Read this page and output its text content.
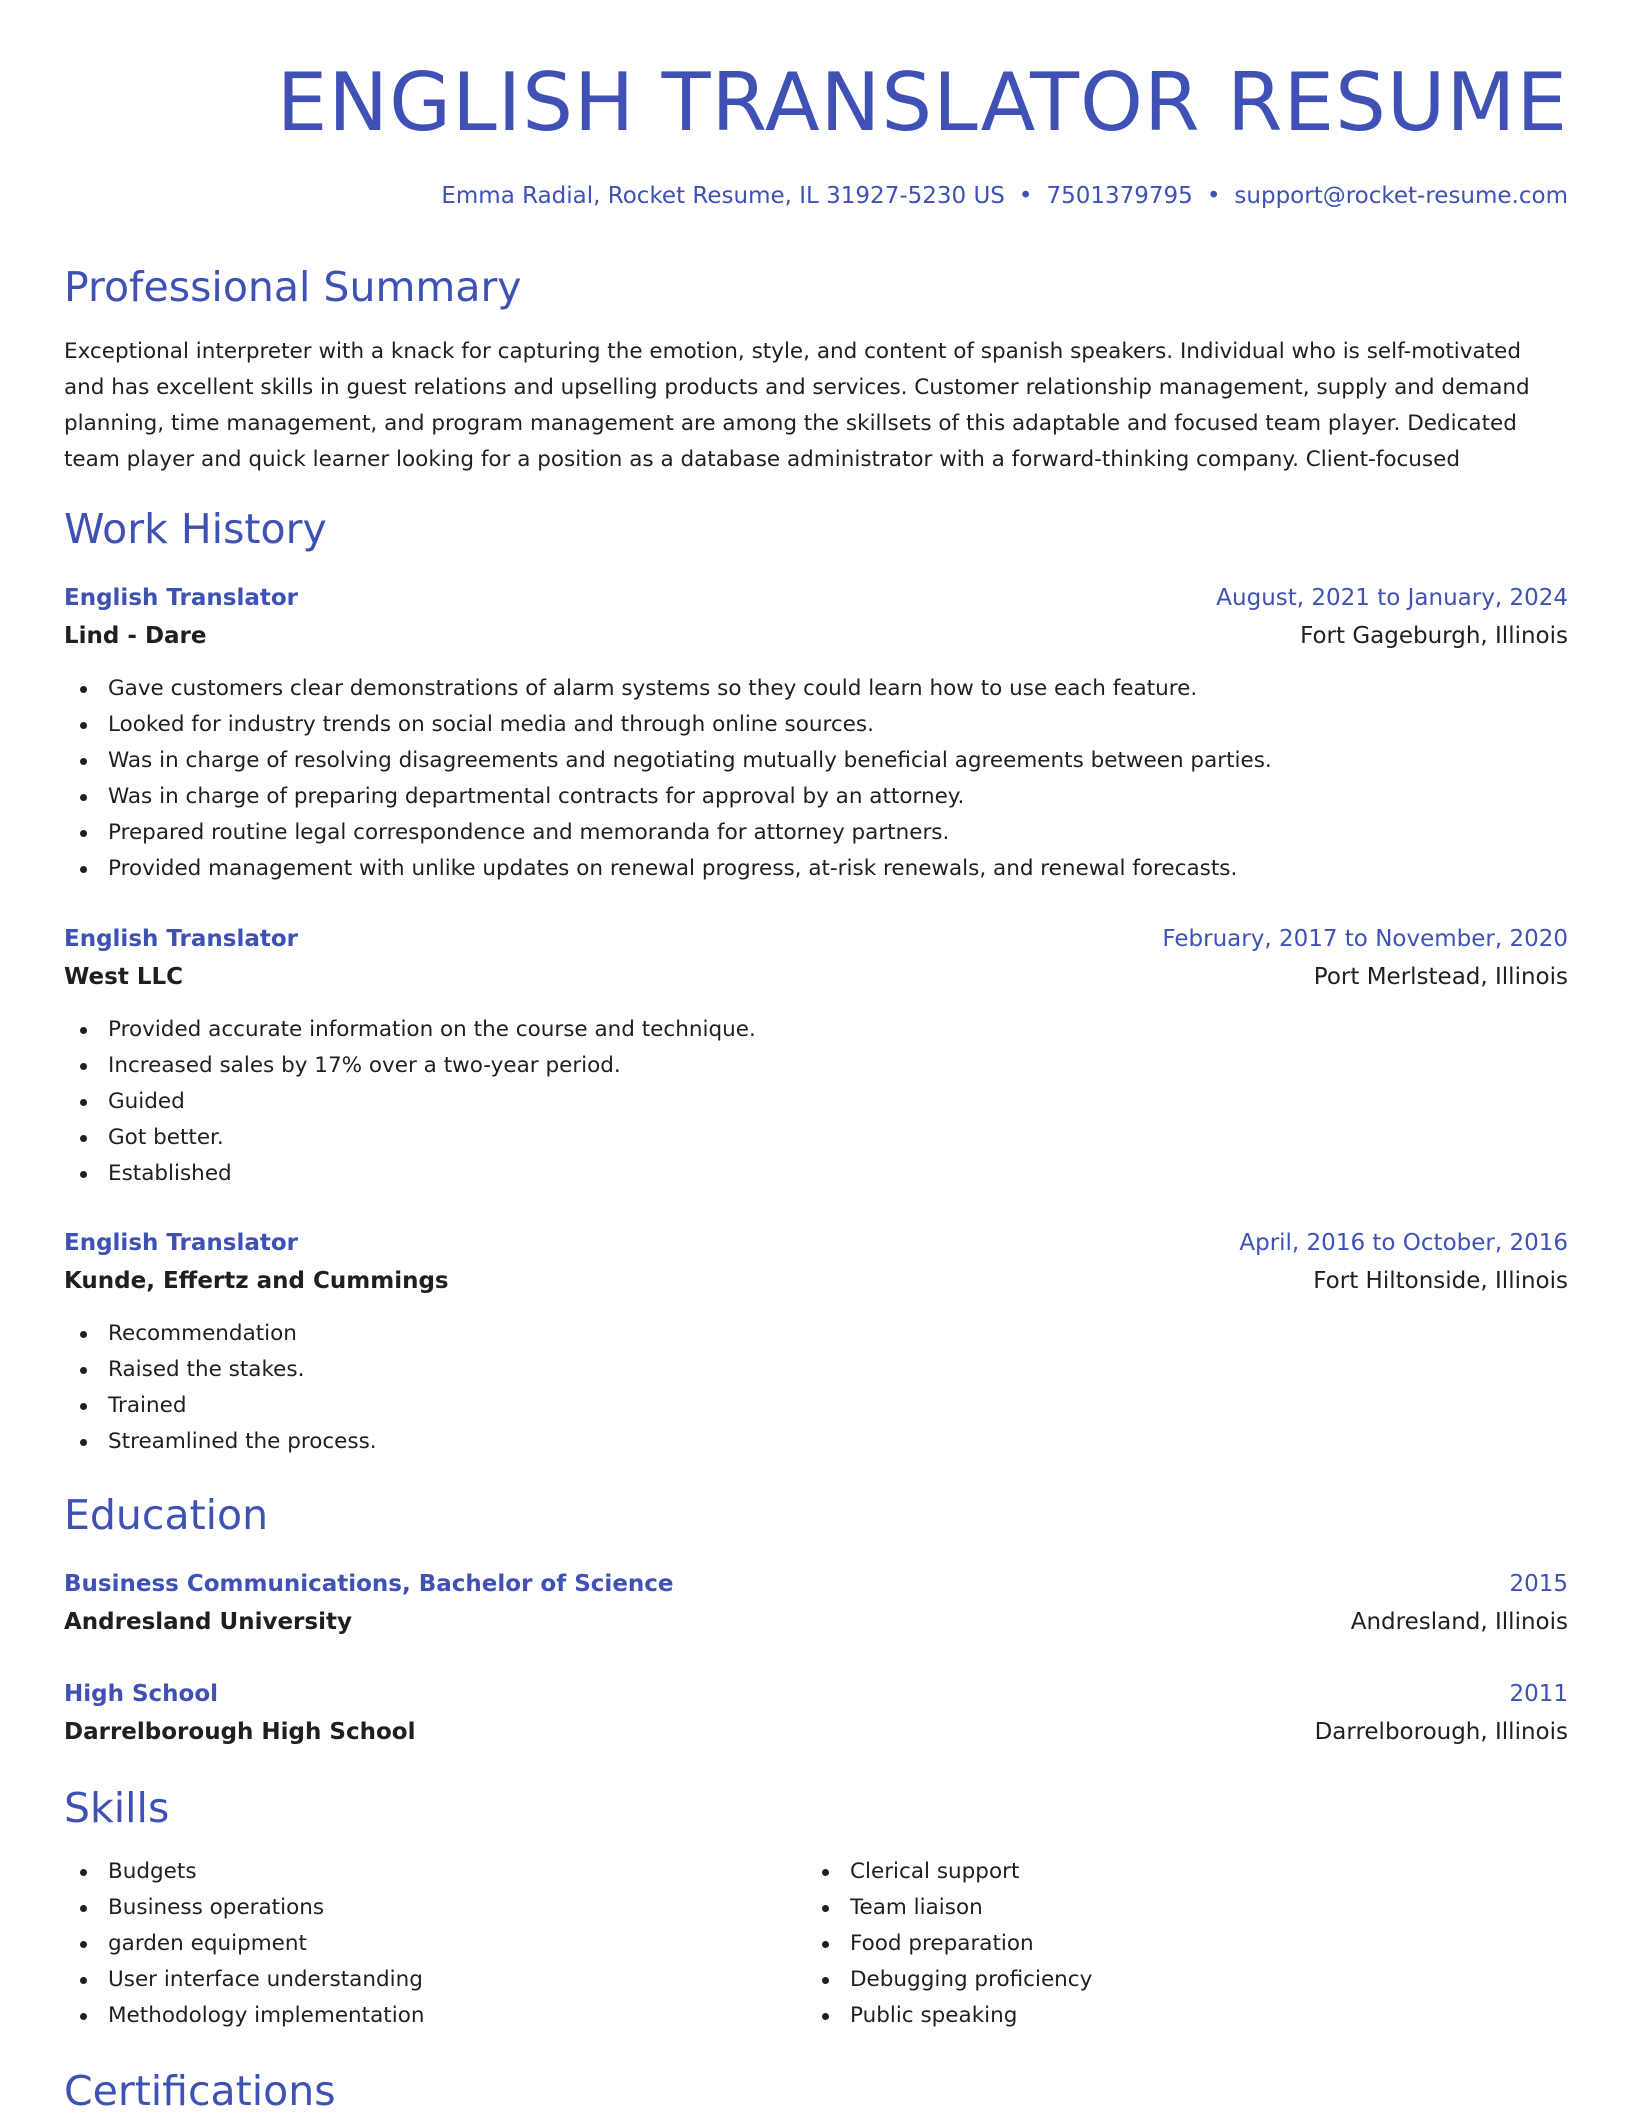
ENGLISH TRANSLATOR RESUME
Emma Radial, Rocket Resume, IL 31927-5230 US • 7501379795 • support@rocket-resume.com
Professional Summary

Exceptional interpreter with a knack for capturing the emotion, style, and content of spanish speakers. Individual who is self-motivated and has excellent skills in guest relations and upselling products and services. Customer relationship management, supply and demand planning, time management, and program management are among the skillsets of this adaptable and focused team player. Dedicated team player and quick learner looking for a position as a database administrator with a forward-thinking company. Client-focused

Work History
English Translator	August, 2021 to January, 2024
Lind - Dare	Fort Gageburgh, Illinois
Gave customers clear demonstrations of alarm systems so they could learn how to use each feature.
Looked for industry trends on social media and through online sources.
Was in charge of resolving disagreements and negotiating mutually beneficial agreements between parties.
Was in charge of preparing departmental contracts for approval by an attorney.
Prepared routine legal correspondence and memoranda for attorney partners.
Provided management with unlike updates on renewal progress, at-risk renewals, and renewal forecasts.
English Translator	February, 2017 to November, 2020
West LLC	Port Merlstead, Illinois
Provided accurate information on the course and technique.
Increased sales by 17% over a two-year period.
Guided
Got better.
Established
English Translator	April, 2016 to October, 2016
Kunde, Effertz and Cummings	Fort Hiltonside, Illinois
Recommendation
Raised the stakes.
Trained
Streamlined the process.
Education
Business Communications, Bachelor of Science	2015
Andresland University	Andresland, Illinois
High School	2011
Darrelborough High School	Darrelborough, Illinois
Skills
Budgets
Business operations
garden equipment
User interface understanding
Methodology implementation
Clerical support
Team liaison
Food preparation
Debugging proficiency
Public speaking
Certifications
